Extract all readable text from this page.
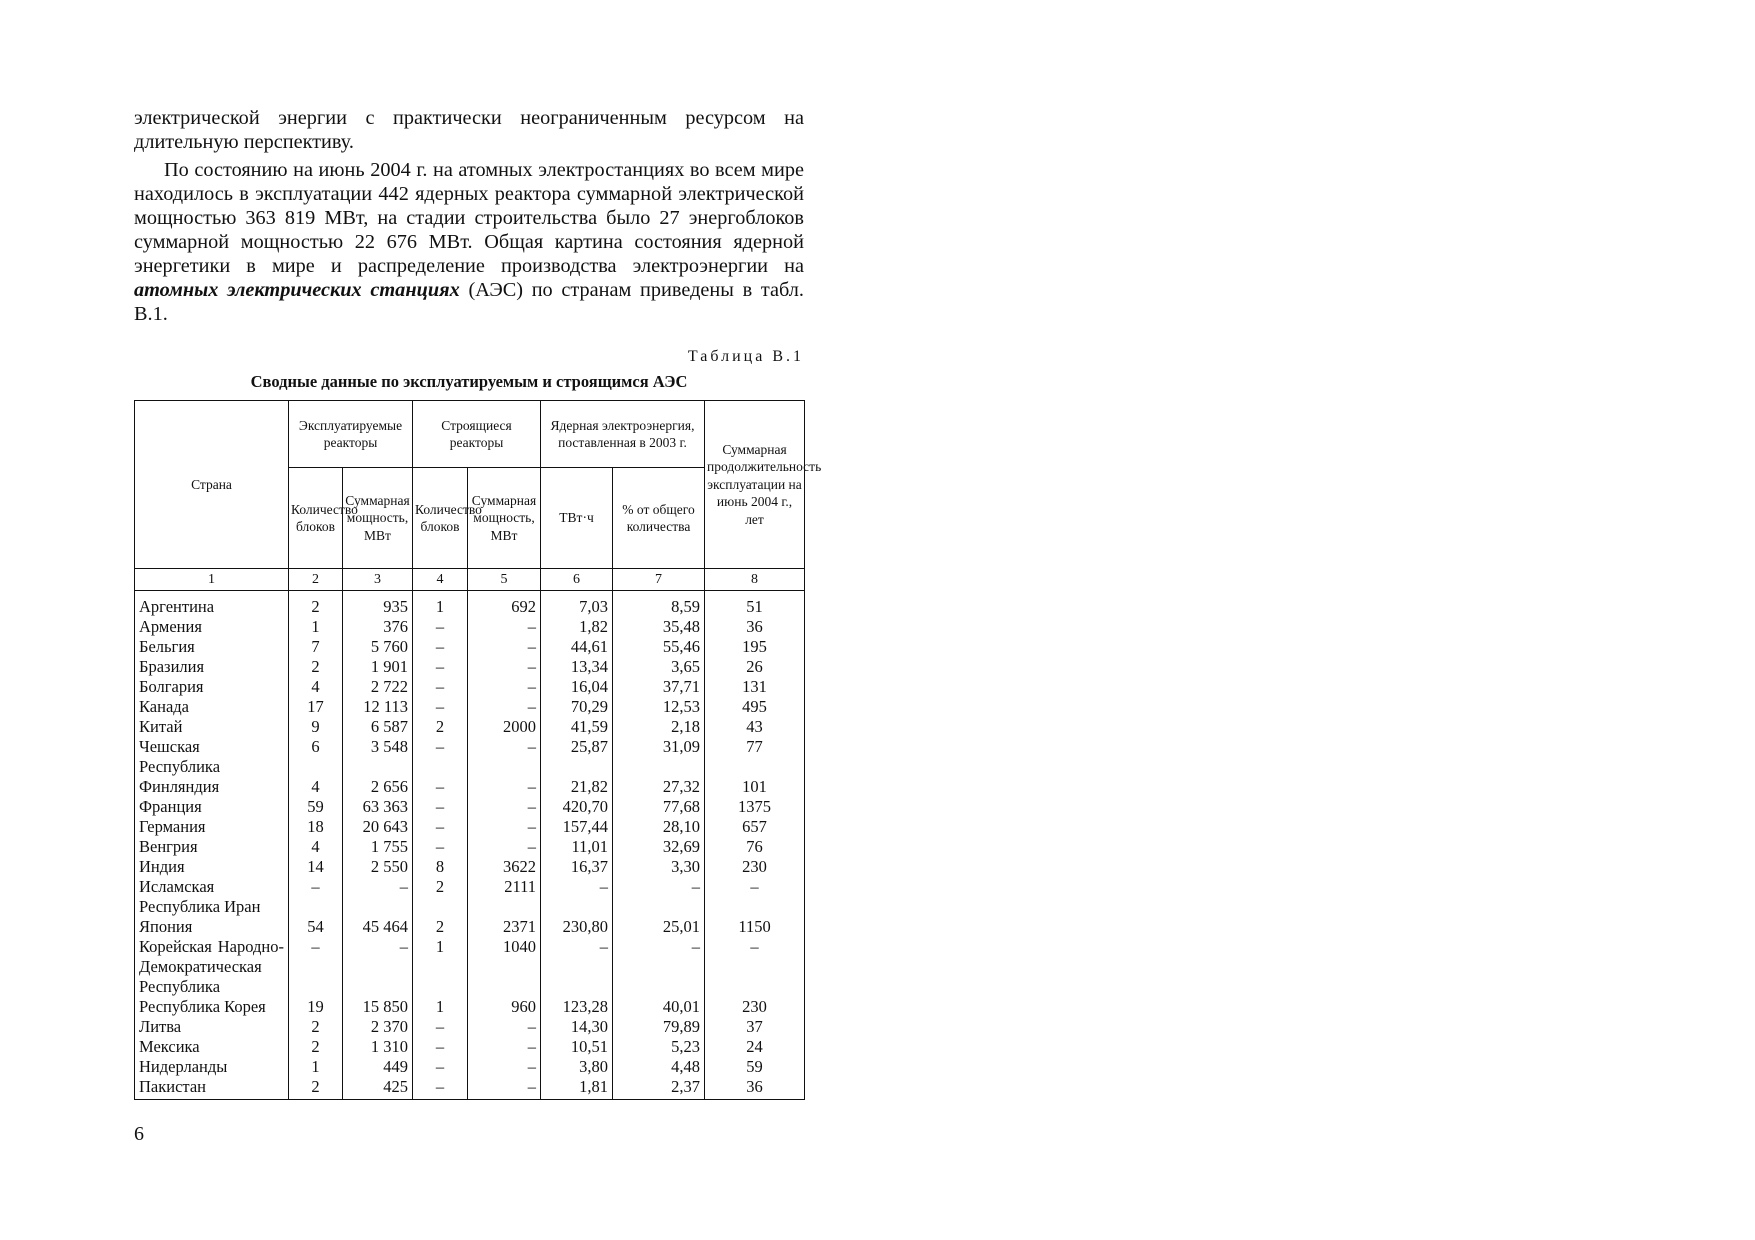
электрической энергии с практически неограниченным ресурсом на длительную перспективу.

По состоянию на июнь 2004 г. на атомных электростанциях во всем мире находилось в эксплуатации 442 ядерных реактора суммарной электрической мощностью 363 819 МВт, на стадии строительства было 27 энергоблоков суммарной мощностью 22 676 МВт. Общая картина состояния ядерной энергетики в мире и распределение производства электроэнергии на атомных электрических станциях (АЭС) по странам приведены в табл. В.1.

Таблица В.1
Сводные данные по эксплуатируемым и строящимся АЭС
Страна	Эксплуатируемые реакторы		Строящиеся реакторы		Ядерная электроэнергия, поставленная в 2003 г.		Суммарная продолжительность эксплуатации на июнь 2004 г., лет
	Количество блоков	Суммарная мощность, МВт	Количество блоков	Суммарная мощность, МВт	ТВт·ч	% от общего количества	
1	2	3	4	5	6	7	8

Аргентина	2	935	1	692	7,03	8,59	51
Армения	1	376	–	–	1,82	35,48	36
Бельгия	7	5 760	–	–	44,61	55,46	195
Бразилия	2	1 901	–	–	13,34	3,65	26
Болгария	4	2 722	–	–	16,04	37,71	131
Канада	17	12 113	–	–	70,29	12,53	495
Китай	9	6 587	2	2000	41,59	2,18	43
Чешская Республика	6	3 548	–	–	25,87	31,09	77
Финляндия	4	2 656	–	–	21,82	27,32	101
Франция	59	63 363	–	–	420,70	77,68	1375
Германия	18	20 643	–	–	157,44	28,10	657
Венгрия	4	1 755	–	–	11,01	32,69	76
Индия	14	2 550	8	3622	16,37	3,30	230
Исламская Республика Иран	–	–	2	2111	–	–	–
Япония	54	45 464	2	2371	230,80	25,01	1150
Корейская Народно-Демократическая Республика	–	–	1	1040	–	–	–
Республика Корея	19	15 850	1	960	123,28	40,01	230
Литва	2	2 370	–	–	14,30	79,89	37
Мексика	2	1 310	–	–	10,51	5,23	24
Нидерланды	1	449	–	–	3,80	4,48	59
Пакистан	2	425	–	–	1,81	2,37	36
6
